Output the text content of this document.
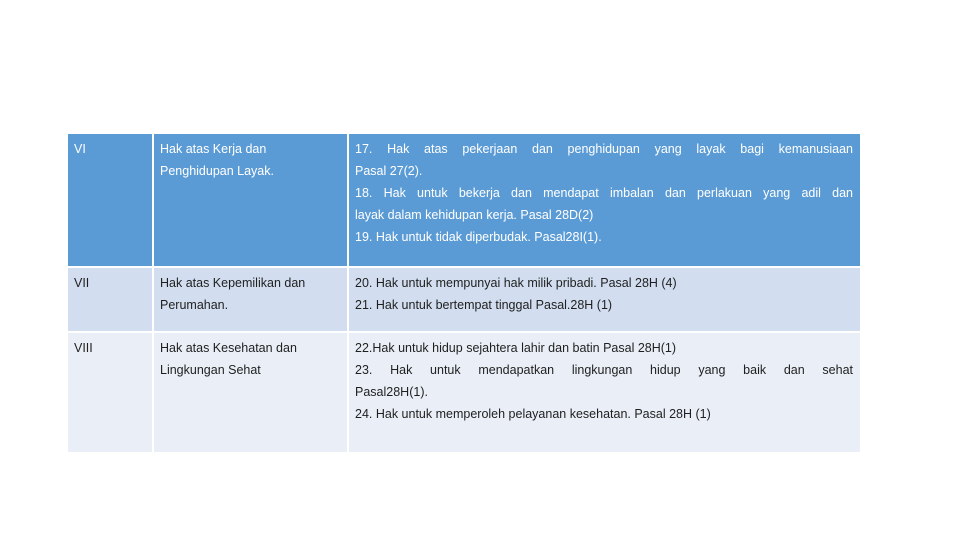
VI	Hak atas Kerja dan Penghidupan Layak.	17. Hak atas pekerjaan dan penghidupan yang layak bagi kemanusiaan
Pasal 27(2).
18. Hak untuk bekerja dan mendapat imbalan dan perlakuan yang adil dan
layak dalam kehidupan kerja. Pasal 28D(2)
19. Hak untuk tidak diperbudak. Pasal28I(1).

VII	Hak atas Kepemilikan dan Perumahan.	20. Hak untuk mempunyai hak milik pribadi. Pasal 28H (4)
21. Hak untuk bertempat tinggal Pasal.28H (1)

VIII	Hak atas Kesehatan dan Lingkungan Sehat	22.Hak untuk hidup sejahtera lahir dan batin Pasal 28H(1)
23. Hak untuk mendapatkan lingkungan hidup yang baik dan sehat
Pasal28H(1).
24. Hak untuk memperoleh pelayanan kesehatan. Pasal 28H (1)
